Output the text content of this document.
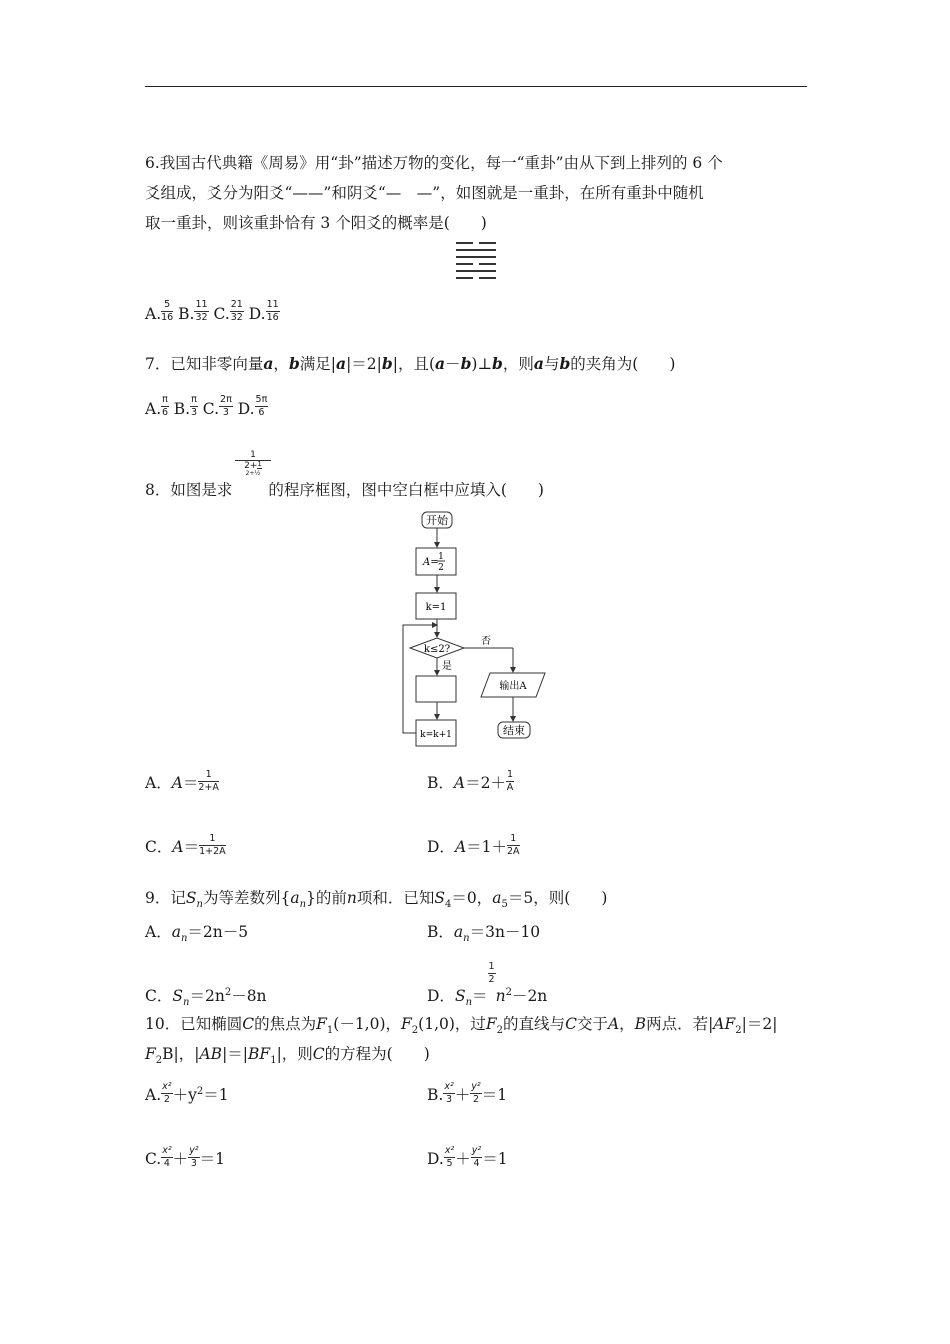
6.我国古代典籍《周易》用“卦”描述万物的变化，每一“重卦”由从下到上排列的 6 个
爻组成，爻分为阳爻“——”和阴爻“—　—”，如图就是一重卦，在所有重卦中随机
取一重卦，则该重卦恰有 3 个阳爻的概率是(　　)
A. $\frac{5}{16} B$. $\frac{11}{32} C$. $\frac{21}{32} D$. $\frac{11}{16}$
7．已知非零向量a，b满足|a|＝2|b|，且(a－b)⊥b，则a与b的夹角为(　　)
A. $\frac{\pi}{6} B$. $\frac{\pi}{3} C$. $\frac{2\pi}{3} D$. $\frac{5\pi}{6}$
8．如图是求 的程序框图，图中空白框中应填入(　　)
1
2+ 1
2+½
开始
A= 1
2
k=1
k≤2?
否
是
k=k+1
输出A
结束
A．$A= \frac{1}{2+A}$	B．$A=2+ \frac{1}{A}$
C．$A= \frac{1}{1+2A}$	D．$A=1+ \frac{1}{2A}$
9．记$S_n$为等差数列$\{a_n\}$的前n项和．已知$S_4=0$，$a_5=5$，则(　　)
A．$a_n=2n-5$	B．$a_n=3n-10$
C．$S_n=2n^2-8n$	D．$S_n=$
$\frac{1}{2}$
$n^2-2n$
10．已知椭圆C的焦点为$F_1(-1,0)$，$F_2(1,0)$，过$F_2$的直线与C交于A，B两点．若$|AF_2|=2|$
$F_2B|$，$|AB|=|BF_1|$，则C的方程为(　　)
A. $\frac{\text{x²}}{2} +y^2=1$	B. $\frac{\text{x²}}{3} + \frac{\text{y²}}{2} =1$
C. $\frac{\text{x²}}{4} + \frac{\text{y²}}{3} =1$	D. $\frac{\text{x²}}{5} + \frac{\text{y²}}{4} =1$
